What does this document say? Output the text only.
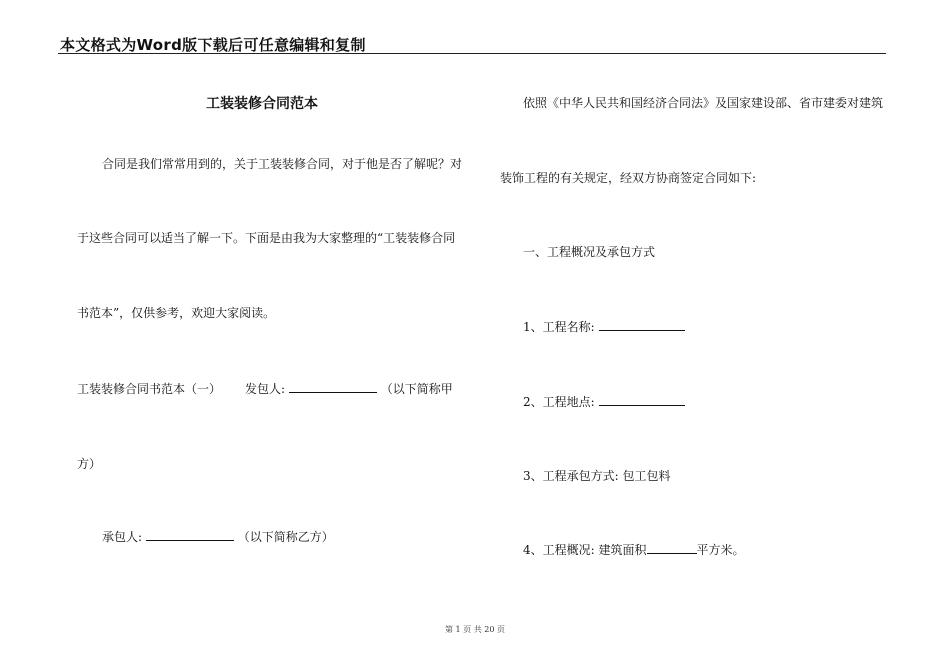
本文格式为Word版下载后可任意编辑和复制
工装装修合同范本
合同是我们常常用到的，关于工装装修合同，对于他是否了解呢？对
于这些合同可以适当了解一下。下面是由我为大家整理的“工装装修合同
书范本”，仅供参考，欢迎大家阅读。
工装装修合同书范本（一） 发包人:	（以下简称甲
方）
承包人:	（以下简称乙方）
依照《中华人民共和国经济合同法》及国家建设部、省市建委对建筑
装饰工程的有关规定，经双方协商签定合同如下:
一、工程概况及承包方式
1、工程名称:
2、工程地点:
3、工程承包方式: 包工包料
4、工程概况: 建筑面积	平方米。
第 1 页 共 20 页
